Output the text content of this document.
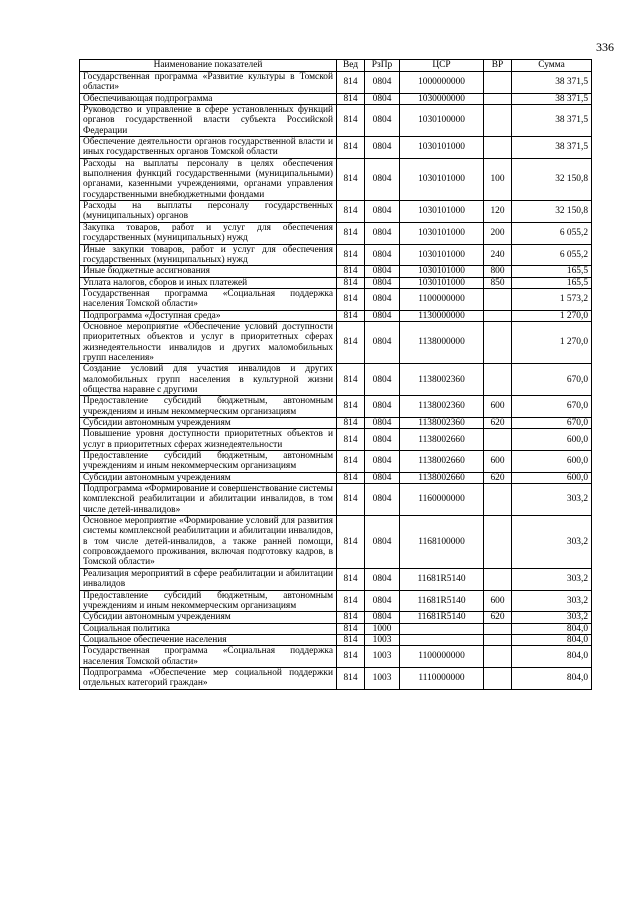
336
Наименование показателей	Вед	РзПр	ЦСР	ВР	Сумма
Государственная программа «Развитие культуры в Томской области»	814	0804	1000000000		38 371,5
Обеспечивающая подпрограмма	814	0804	1030000000		38 371,5
Руководство и управление в сфере установленных функций органов государственной власти субъекта Российской Федерации	814	0804	1030100000		38 371,5
Обеспечение деятельности органов государственной власти и иных государственных органов Томской области	814	0804	1030101000		38 371,5
Расходы на выплаты персоналу в целях обеспечения выполнения функций государственными (муниципальными) органами, казенными учреждениями, органами управления государственными внебюджетными фондами	814	0804	1030101000	100	32 150,8
Расходы на выплаты персоналу государственных (муниципальных) органов	814	0804	1030101000	120	32 150,8
Закупка товаров, работ и услуг для обеспечения государственных (муниципальных) нужд	814	0804	1030101000	200	6 055,2
Иные закупки товаров, работ и услуг для обеспечения государственных (муниципальных) нужд	814	0804	1030101000	240	6 055,2
Иные бюджетные ассигнования	814	0804	1030101000	800	165,5
Уплата налогов, сборов и иных платежей	814	0804	1030101000	850	165,5
Государственная программа «Социальная поддержка населения Томской области»	814	0804	1100000000		1 573,2
Подпрограмма «Доступная среда»	814	0804	1130000000		1 270,0
Основное мероприятие «Обеспечение условий доступности приоритетных объектов и услуг в приоритетных сферах жизнедеятельности инвалидов и других маломобильных групп населения»	814	0804	1138000000		1 270,0
Создание условий для участия инвалидов и других маломобильных групп населения в культурной жизни общества наравне с другими	814	0804	1138002360		670,0
Предоставление субсидий бюджетным, автономным учреждениям и иным некоммерческим организациям	814	0804	1138002360	600	670,0
Субсидии автономным учреждениям	814	0804	1138002360	620	670,0
Повышение уровня доступности приоритетных объектов и услуг в приоритетных сферах жизнедеятельности	814	0804	1138002660		600,0
Предоставление субсидий бюджетным, автономным учреждениям и иным некоммерческим организациям	814	0804	1138002660	600	600,0
Субсидии автономным учреждениям	814	0804	1138002660	620	600,0
Подпрограмма «Формирование и совершенствование системы комплексной реабилитации и абилитации инвалидов, в том числе детей-инвалидов»	814	0804	1160000000		303,2
Основное мероприятие «Формирование условий для развития системы комплексной реабилитации и абилитации инвалидов, в том числе детей-инвалидов, а также ранней помощи, сопровождаемого проживания, включая подготовку кадров, в Томской области»	814	0804	1168100000		303,2
Реализация мероприятий в сфере реабилитации и абилитации инвалидов	814	0804	11681R5140		303,2
Предоставление субсидий бюджетным, автономным учреждениям и иным некоммерческим организациям	814	0804	11681R5140	600	303,2
Субсидии автономным учреждениям	814	0804	11681R5140	620	303,2
Социальная политика	814	1000			804,0
Социальное обеспечение населения	814	1003			804,0
Государственная программа «Социальная поддержка населения Томской области»	814	1003	1100000000		804,0
Подпрограмма «Обеспечение мер социальной поддержки отдельных категорий граждан»	814	1003	1110000000		804,0
